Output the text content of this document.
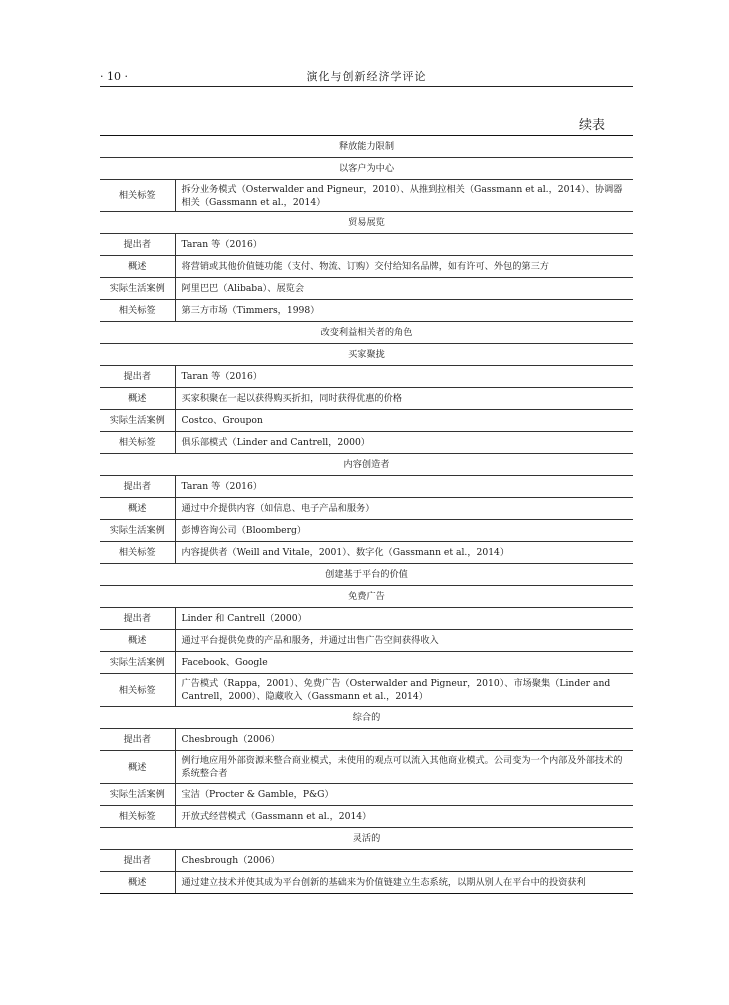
· 10 ·	演化与创新经济学评论
续表
释放能力限制	
以客户为中心	
相关标签	拆分业务模式（Osterwalder and Pigneur，2010）、从推到拉相关（Gassmann et al.，2014）、协调器相关（Gassmann et al.，2014）
贸易展览	
提出者	Taran 等（2016）
概述	将营销或其他价值链功能（支付、物流、订购）交付给知名品牌，如有许可、外包的第三方
实际生活案例	阿里巴巴（Alibaba）、展览会
相关标签	第三方市场（Timmers，1998）
改变利益相关者的角色	
买家聚拢	
提出者	Taran 等（2016）
概述	买家积聚在一起以获得购买折扣，同时获得优惠的价格
实际生活案例	Costco、Groupon
相关标签	俱乐部模式（Linder and Cantrell，2000）
内容创造者	
提出者	Taran 等（2016）
概述	通过中介提供内容（如信息、电子产品和服务）
实际生活案例	彭博咨询公司（Bloomberg）
相关标签	内容提供者（Weill and Vitale，2001）、数字化（Gassmann et al.，2014）
创建基于平台的价值	
免费广告	
提出者	Linder 和 Cantrell（2000）
概述	通过平台提供免费的产品和服务，并通过出售广告空间获得收入
实际生活案例	Facebook、Google
相关标签	广告模式（Rappa，2001）、免费广告（Osterwalder and Pigneur，2010）、市场聚集（Linder and Cantrell，2000）、隐藏收入（Gassmann et al.，2014）
综合的	
提出者	Chesbrough（2006）
概述	例行地应用外部资源来整合商业模式，未使用的观点可以流入其他商业模式。公司变为一个内部及外部技术的系统整合者
实际生活案例	宝洁（Procter & Gamble，P&G）
相关标签	开放式经营模式（Gassmann et al.，2014）
灵活的	
提出者	Chesbrough（2006）
概述	通过建立技术并使其成为平台创新的基础来为价值链建立生态系统，以期从别人在平台中的投资获利
